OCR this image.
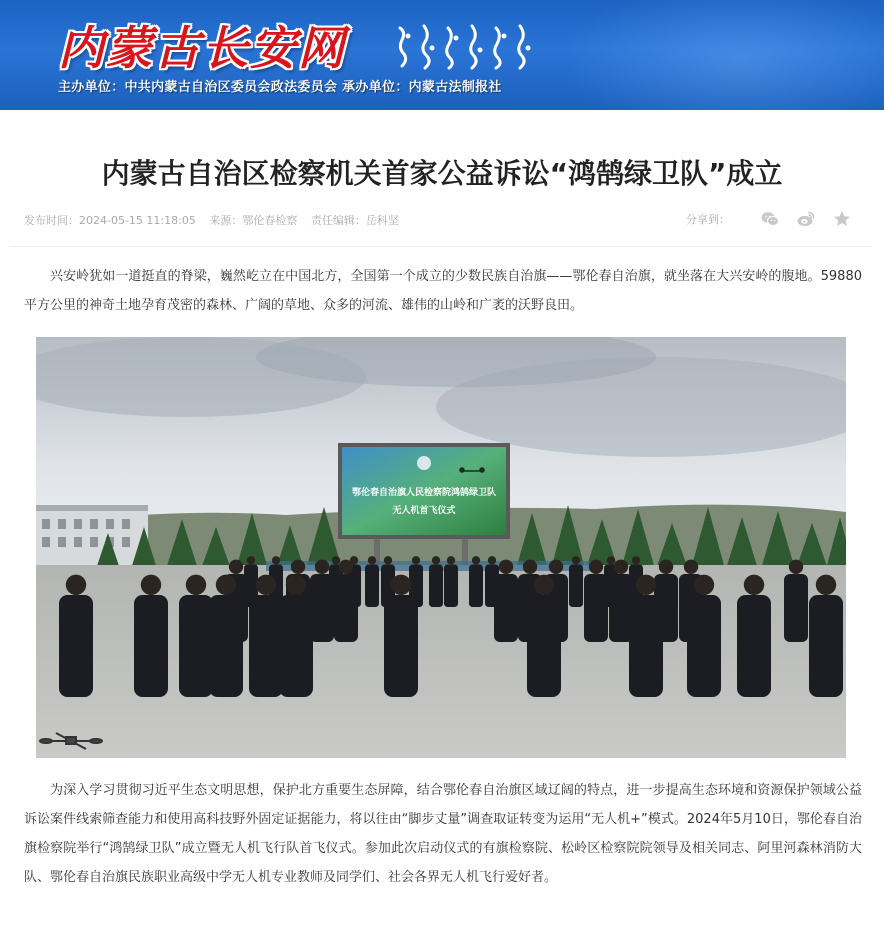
内蒙古长安网
主办单位：中共内蒙古自治区委员会政法委员会 承办单位：内蒙古法制报社
内蒙古自治区检察机关首家公益诉讼“鸿鹄绿卫队”成立
发布时间：2024-05-15 11:18:05 来源：鄂伦春检察 责任编辑：岳科坚	分享到：

兴安岭犹如一道挺直的脊梁，巍然屹立在中国北方，全国第一个成立的少数民族自治旗——鄂伦春自治旗，就坐落在大兴安岭的腹地。59880平方公里的神奇土地孕育茂密的森林、广阔的草地、众多的河流、雄伟的山岭和广袤的沃野良田。

鄂伦春自治旗人民检察院鸿鹄绿卫队
无人机首飞仪式

为深入学习贯彻习近平生态文明思想，保护北方重要生态屏障，结合鄂伦春自治旗区域辽阔的特点，进一步提高生态环境和资源保护领域公益诉讼案件线索筛查能力和使用高科技野外固定证据能力，将以往由“脚步丈量”调查取证转变为运用“无人机+”模式。2024年5月10日，鄂伦春自治旗检察院举行“鸿鹄绿卫队”成立暨无人机飞行队首飞仪式。参加此次启动仪式的有旗检察院、松岭区检察院院领导及相关同志、阿里河森林消防大队、鄂伦春自治旗民族职业高级中学无人机专业教师及同学们、社会各界无人机飞行爱好者。
